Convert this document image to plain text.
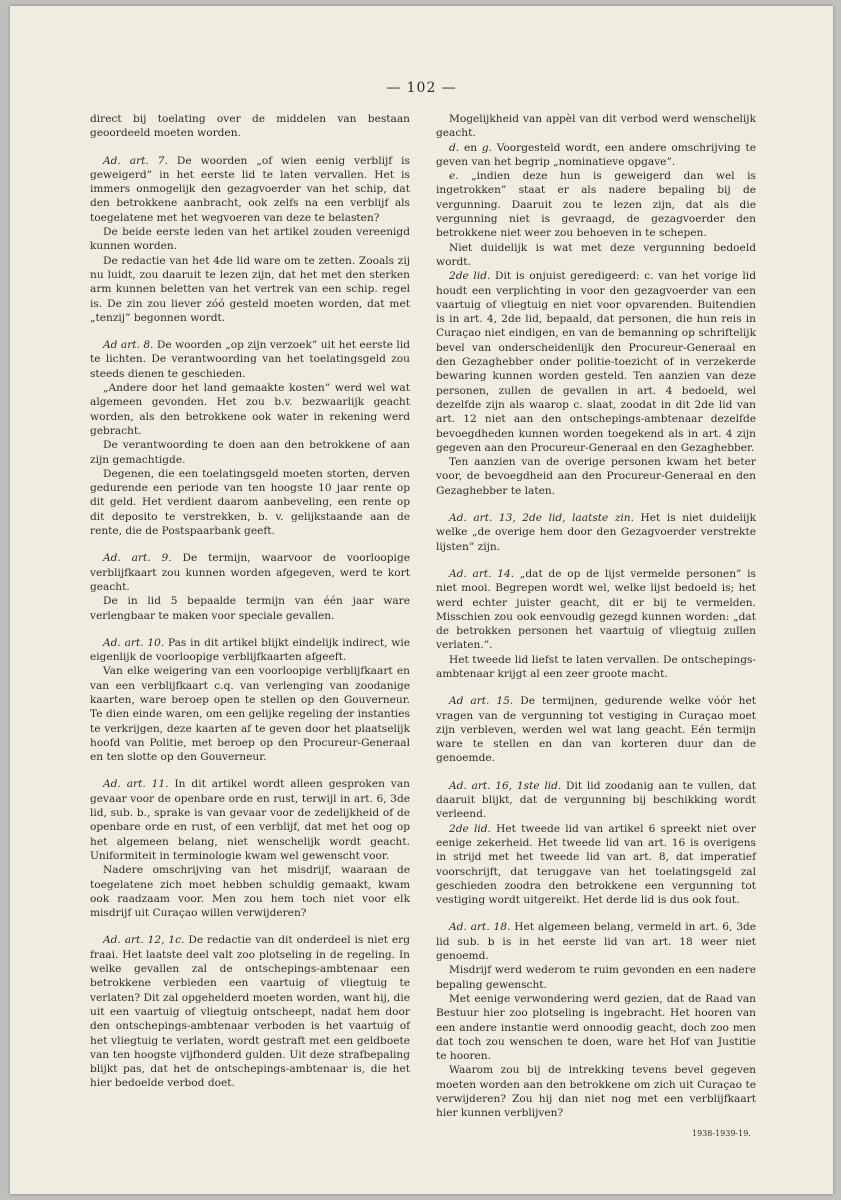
— 102 —

direct bij toelating over de middelen van bestaan geoordeeld moeten worden.

Ad. art. 7. De woorden „of wien eenig verblijf is geweigerd” in het eerste lid te laten vervallen. Het is immers onmogelijk den gezagvoerder van het schip, dat den betrokkene aanbracht, ook zelfs na een verblijf als toegelatene met het wegvoeren van deze te belasten?

De beide eerste leden van het artikel zouden vereenigd kunnen worden.

De redactie van het 4de lid ware om te zetten. Zooals zij nu luidt, zou daaruit te lezen zijn, dat het met den sterken arm kunnen beletten van het vertrek van een schip. regel is. De zin zou liever zóó gesteld moeten worden, dat met „tenzij” begonnen wordt.

Ad art. 8. De woorden „op zijn verzoek” uit het eerste lid te lichten. De verantwoording van het toelatingsgeld zou steeds dienen te geschieden.

„Andere door het land gemaakte kosten” werd wel wat algemeen gevonden. Het zou b.v. bezwaarlijk geacht worden, als den betrokkene ook water in rekening werd gebracht.

De verantwoording te doen aan den betrokkene of aan zijn gemachtigde.

Degenen, die een toelatingsgeld moeten storten, derven gedurende een periode van ten hoogste 10 jaar rente op dit geld. Het verdient daarom aanbeveling, een rente op dit deposito te verstrekken, b. v. gelijkstaande aan de rente, die de Postspaarbank geeft.

Ad. art. 9. De termijn, waarvoor de voorloopige verblijfkaart zou kunnen worden afgegeven, werd te kort geacht.

De in lid 5 bepaalde termijn van één jaar ware verlengbaar te maken voor speciale gevallen.

Ad. art. 10. Pas in dit artikel blijkt eindelijk indirect, wie eigenlijk de voorloopige verblijfkaarten afgeeft.

Van elke weigering van een voorloopige verblijfkaart en van een verblijfkaart c.q. van verlenging van zoodanige kaarten, ware beroep open te stellen op den Gouverneur. Te dien einde waren, om een gelijke regeling der instanties te verkrijgen, deze kaarten af te geven door het plaatselijk hoofd van Politie, met beroep op den Procureur-Generaal en ten slotte op den Gouverneur.

Ad. art. 11. In dit artikel wordt alleen gesproken van gevaar voor de openbare orde en rust, terwijl in art. 6, 3de lid, sub. b., sprake is van gevaar voor de zedelijkheid of de openbare orde en rust, of een verblijf, dat met het oog op het algemeen belang, niet wenschelijk wordt geacht. Uniformiteit in terminologie kwam wel gewenscht voor.

Nadere omschrijving van het misdrijf, waaraan de toegelatene zich moet hebben schuldig gemaakt, kwam ook raadzaam voor. Men zou hem toch niet voor elk misdrijf uit Curaçao willen verwijderen?

Ad. art. 12, 1c. De redactie van dit onderdeel is niet erg fraai. Het laatste deel valt zoo plotseling in de regeling. In welke gevallen zal de ontschepings-ambtenaar een betrokkene verbieden een vaartuig of vliegtuig te verlaten? Dit zal opgehelderd moeten worden, want hij, die uit een vaartuig of vliegtuig ontscheept, nadat hem door den ontschepings-ambtenaar verboden is het vaartuig of het vliegtuig te verlaten, wordt gestraft met een geldboete van ten hoogste vijfhonderd gulden. Uit deze strafbepaling blijkt pas, dat het de ontschepings-ambtenaar is, die het hier bedoelde verbod doet.

Mogelijkheid van appèl van dit verbod werd wenschelijk geacht.

d. en g. Voorgesteld wordt, een andere omschrijving te geven van het begrip „nominatieve opgave”.

e. „indien deze hun is geweigerd dan wel is ingetrokken” staat er als nadere bepaling bij de vergunning. Daaruit zou te lezen zijn, dat als die vergunning niet is gevraagd, de gezagvoerder den betrokkene niet weer zou behoeven in te schepen.

Niet duidelijk is wat met deze vergunning bedoeld wordt.

2de lid. Dit is onjuist geredigeerd: c. van het vorige lid houdt een verplichting in voor den gezagvoerder van een vaartuig of vliegtuig en niet voor opvarenden. Buitendien is in art. 4, 2de lid, bepaald, dat personen, die hun reis in Curaçao niet eindigen, en van de bemanning op schriftelijk bevel van onderscheidenlijk den Procureur-Generaal en den Gezaghebber onder politie-toezicht of in verzekerde bewaring kunnen worden gesteld. Ten aanzien van deze personen, zullen de gevallen in art. 4 bedoeld, wel dezelfde zijn als waarop c. slaat, zoodat in dit 2de lid van art. 12 niet aan den ontschepings-ambtenaar dezelfde bevoegdheden kunnen worden toegekend als in art. 4 zijn gegeven aan den Procureur-Generaal en den Gezaghebber.

Ten aanzien van de overige personen kwam het beter voor, de bevoegdheid aan den Procureur-Generaal en den Gezaghebber te laten.

Ad. art. 13, 2de lid, laatste zin. Het is niet duidelijk welke „de overige hem door den Gezagvoerder verstrekte lijsten” zijn.

Ad. art. 14. „dat de op de lijst vermelde personen” is niet mooi. Begrepen wordt wel, welke lijst bedoeld is; het werd echter juister geacht, dit er bij te vermelden. Misschien zou ook eenvoudig gezegd kunnen worden: „dat de betrokken personen het vaartuig of vliegtuig zullen verlaten.”.

Het tweede lid liefst te laten vervallen. De ontschepings-ambtenaar krijgt al een zeer groote macht.

Ad art. 15. De termijnen, gedurende welke vóór het vragen van de vergunning tot vestiging in Curaçao moet zijn verbleven, werden wel wat lang geacht. Eén termijn ware te stellen en dan van korteren duur dan de genoemde.

Ad. art. 16, 1ste lid. Dit lid zoodanig aan te vullen, dat daaruit blijkt, dat de vergunning bij beschikking wordt verleend.

2de lid. Het tweede lid van artikel 6 spreekt niet over eenige zekerheid. Het tweede lid van art. 16 is overigens in strijd met het tweede lid van art. 8, dat imperatief voorschrijft, dat teruggave van het toelatingsgeld zal geschieden zoodra den betrokkene een vergunning tot vestiging wordt uitgereikt. Het derde lid is dus ook fout.

Ad. art. 18. Het algemeen belang, vermeld in art. 6, 3de lid sub. b is in het eerste lid van art. 18 weer niet genoemd.

Misdrijf werd wederom te ruim gevonden en een nadere bepaling gewenscht.

Met eenige verwondering werd gezien, dat de Raad van Bestuur hier zoo plotseling is ingebracht. Het hooren van een andere instantie werd onnoodig geacht, doch zoo men dat toch zou wenschen te doen, ware het Hof van Justitie te hooren.

Waarom zou bij de intrekking tevens bevel gegeven moeten worden aan den betrokkene om zich uit Curaçao te verwijderen? Zou hij dan niet nog met een verblijfkaart hier kunnen verblijven?

1938-1939-19.
